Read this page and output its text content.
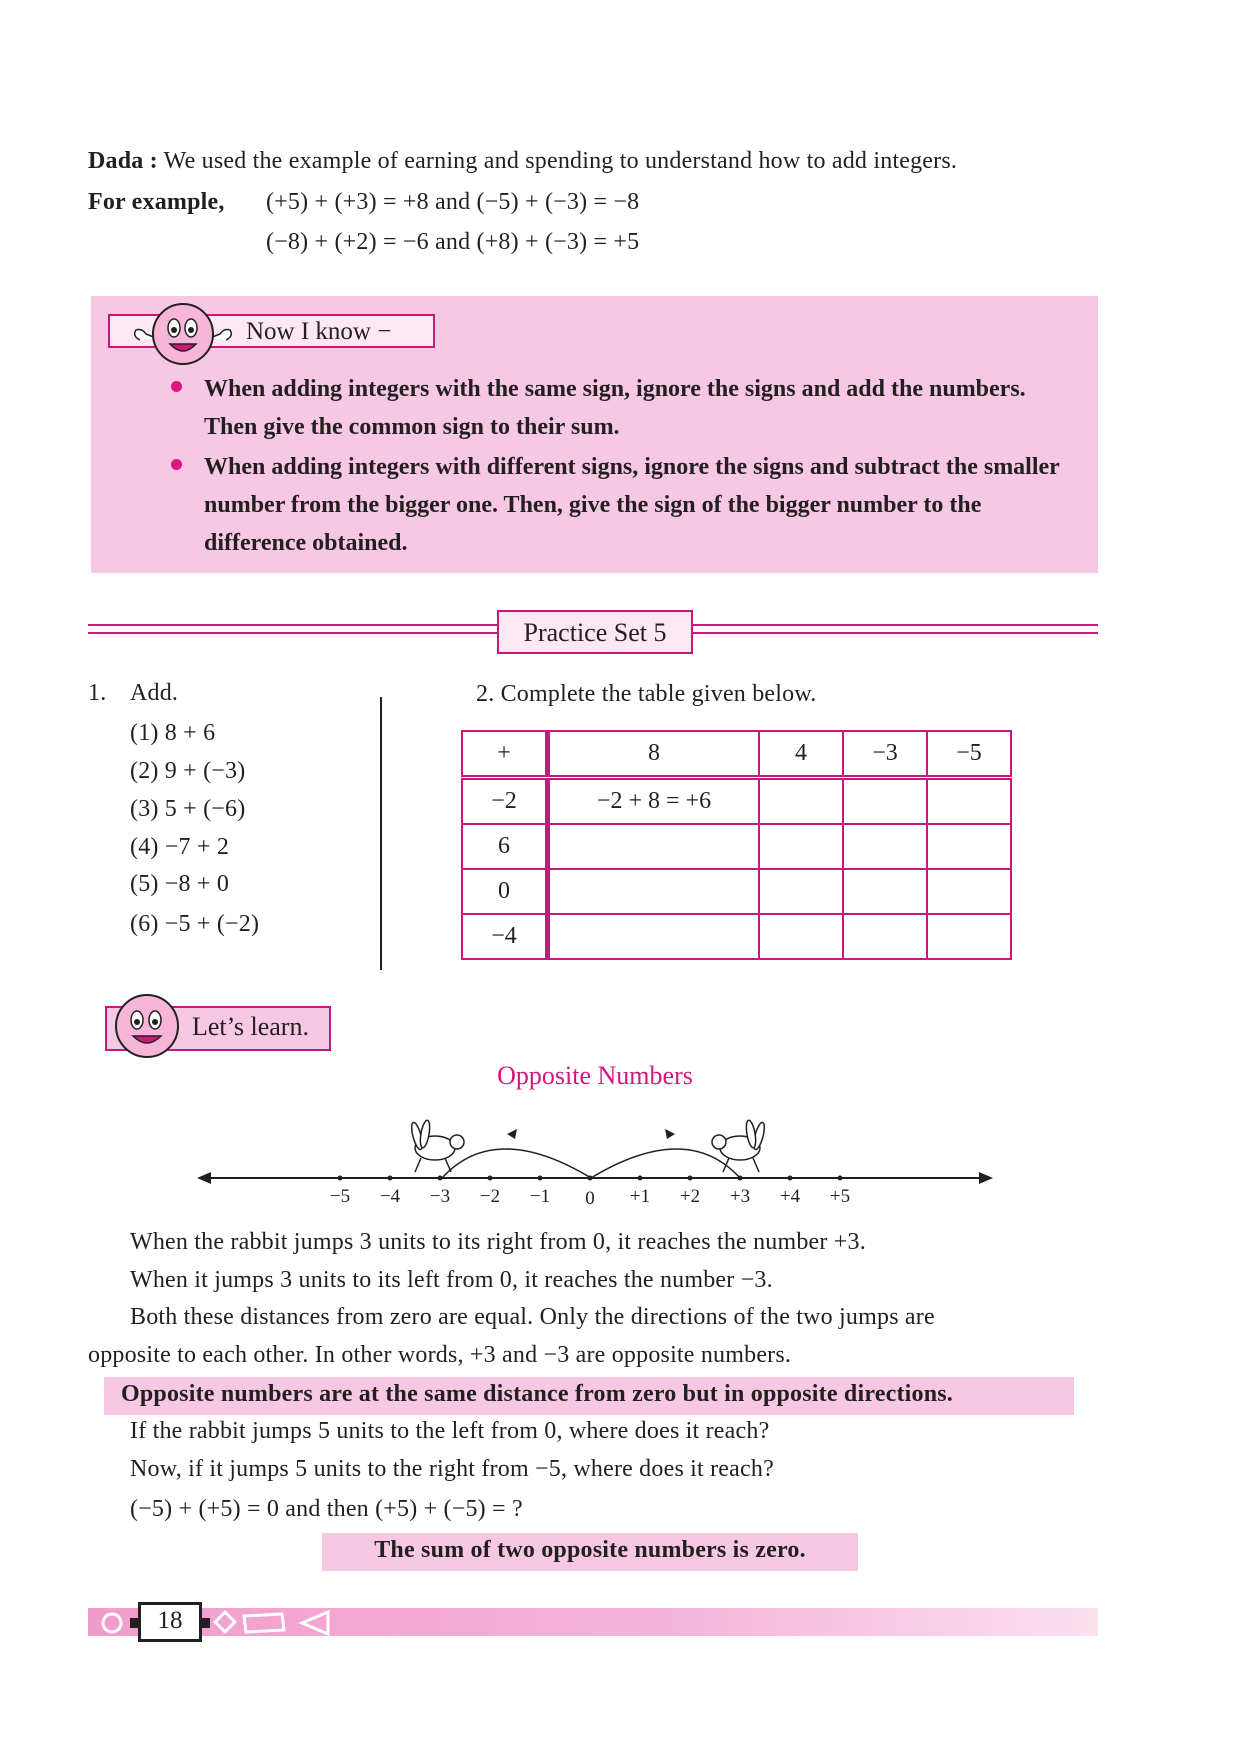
Dada : We used the example of earning and spending to understand how to add integers.
For example, (+5) + (+3) = +8 and (−5) + (−3) = −8
(−8) + (+2) = −6 and (+8) + (−3) = +5
Now I know −
When adding integers with the same sign, ignore the signs and add the numbers. Then give the common sign to their sum.
When adding integers with different signs, ignore the signs and subtract the smaller number from the bigger one. Then, give the sign of the bigger number to the difference obtained.
Practice Set 5
1. Add.
(1) 8 + 6
(2) 9 + (−3)
(3) 5 + (−6)
(4) −7 + 2
(5) −8 + 0
(6) −5 + (−2)
2. Complete the table given below.
+	8	4	−3	−5
−2	−2 + 8 = +6			
6				
0				
−4				
Let’s learn.
Opposite Numbers
−5 −4 −3 −2 −1 0 +1 +2 +3 +4 +5
When the rabbit jumps 3 units to its right from 0, it reaches the number +3.
When it jumps 3 units to its left from 0, it reaches the number −3.
Both these distances from zero are equal. Only the directions of the two jumps are
opposite to each other. In other words, +3 and −3 are opposite numbers.
Opposite numbers are at the same distance from zero but in opposite directions.
If the rabbit jumps 5 units to the left from 0, where does it reach?
Now, if it jumps 5 units to the right from −5, where does it reach?
(−5) + (+5) = 0 and then (+5) + (−5) = ?
The sum of two opposite numbers is zero.
18
